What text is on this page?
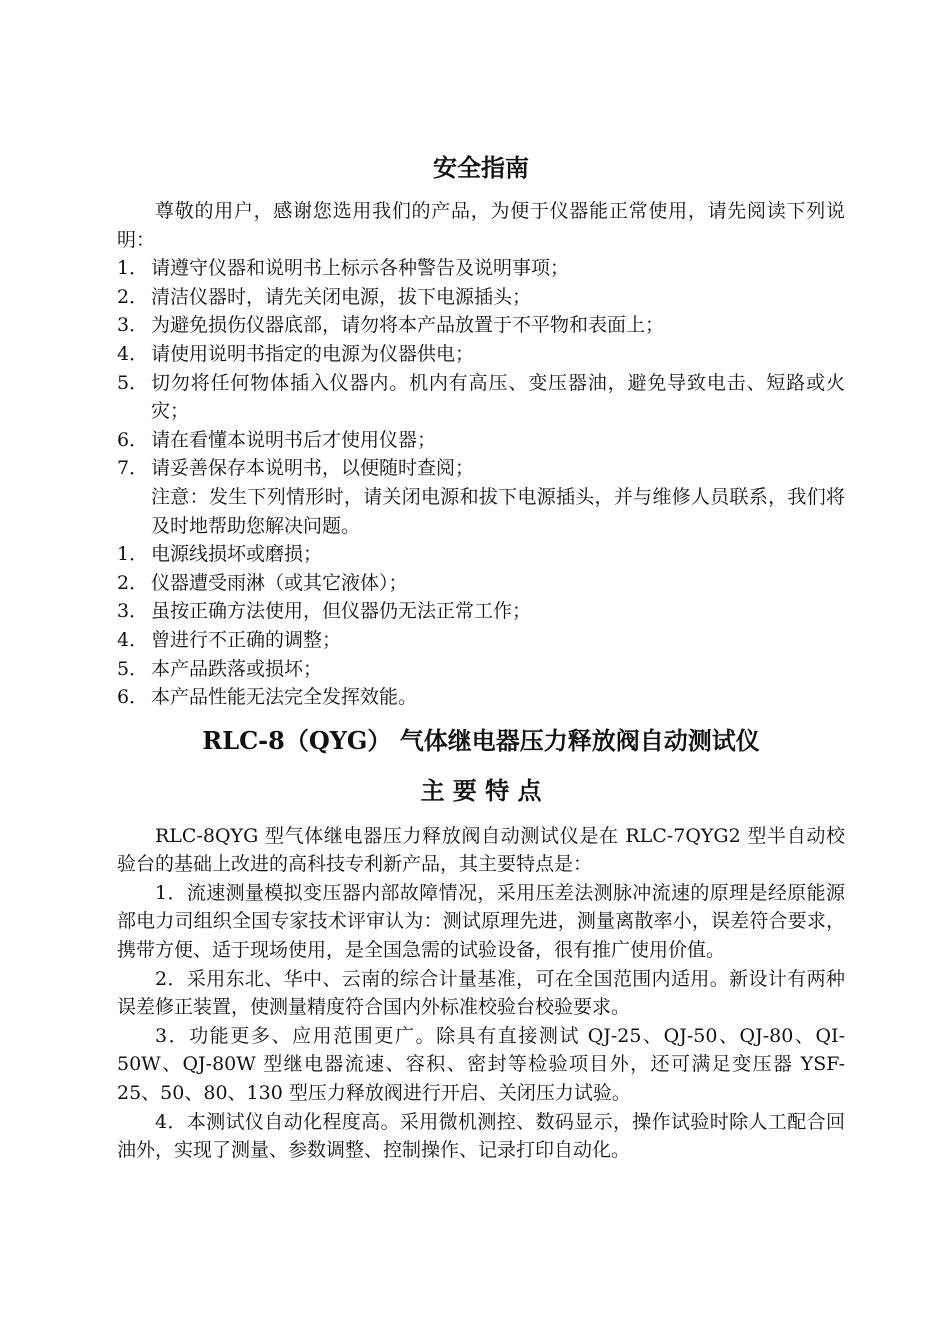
安全指南

尊敬的用户，感谢您选用我们的产品，为便于仪器能正常使用，请先阅读下列说明：

1． 请遵守仪器和说明书上标示各种警告及说明事项；
2． 清洁仪器时，请先关闭电源，拔下电源插头；
3． 为避免损伤仪器底部，请勿将本产品放置于不平物和表面上；
4． 请使用说明书指定的电源为仪器供电；
5． 切勿将任何物体插入仪器内。机内有高压、变压器油，避免导致电击、短路或火灾；
6． 请在看懂本说明书后才使用仪器；
7． 请妥善保存本说明书，以便随时查阅；

注意：发生下列情形时，请关闭电源和拔下电源插头，并与维修人员联系，我们将及时地帮助您解决问题。

1． 电源线损坏或磨损；
2． 仪器遭受雨淋（或其它液体）；
3． 虽按正确方法使用，但仪器仍无法正常工作；
4． 曾进行不正确的调整；
5． 本产品跌落或损坏；
6． 本产品性能无法完全发挥效能。
RLC-8（QYG） 气体继电器压力释放阀自动测试仪
主 要 特 点

RLC-8QYG 型气体继电器压力释放阀自动测试仪是在 RLC-7QYG2 型半自动校验台的基础上改进的高科技专利新产品，其主要特点是：

1．流速测量模拟变压器内部故障情况，采用压差法测脉冲流速的原理是经原能源部电力司组织全国专家技术评审认为：测试原理先进，测量离散率小，误差符合要求，携带方便、适于现场使用，是全国急需的试验设备，很有推广使用价值。

2．采用东北、华中、云南的综合计量基准，可在全国范围内适用。新设计有两种误差修正装置，使测量精度符合国内外标准校验台校验要求。

3．功能更多、应用范围更广。除具有直接测试 QJ-25、QJ-50、QJ-80、QI-50W、QJ-80W 型继电器流速、容积、密封等检验项目外，还可满足变压器 YSF-25、50、80、130 型压力释放阀进行开启、关闭压力试验。

4．本测试仪自动化程度高。采用微机测控、数码显示，操作试验时除人工配合回油外，实现了测量、参数调整、控制操作、记录打印自动化。
